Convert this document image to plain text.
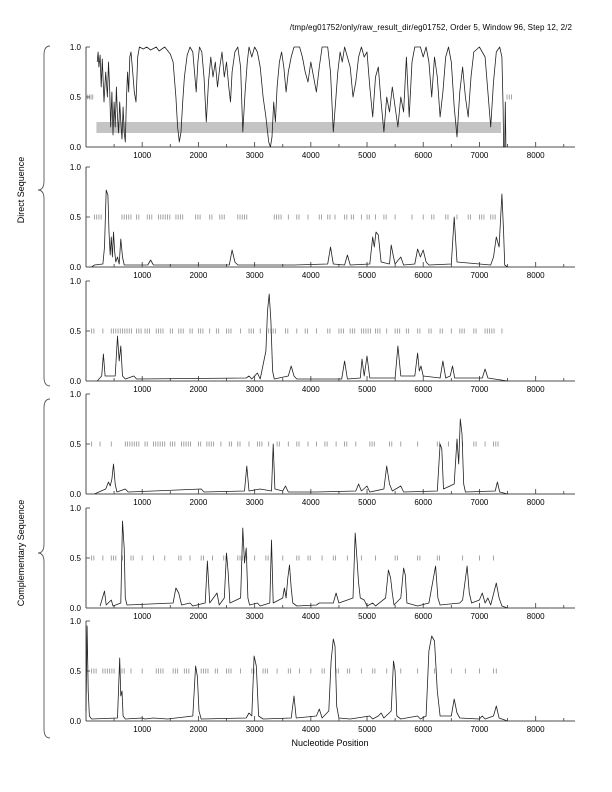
/tmp/eg01752/only/raw_result_dir/eg01752, Order 5, Window 96, Step 12, 2/2
Direct Sequence
Complementary Sequence
Nucleotide Position
1000	2000	3000	4000	5000	6000	7000	8000
0.0
0.5
1.0
1000	2000	3000	4000	5000	6000	7000	8000
0.0
0.5
1.0
1000	2000	3000	4000	5000	6000	7000	8000
0.0
0.5
1.0
1000	2000	3000	4000	5000	6000	7000	8000
0.0
0.5
1.0
1000	2000	3000	4000	5000	6000	7000	8000
0.0
0.5
1.0
1000	2000	3000	4000	5000	6000	7000	8000
0.0
0.5
1.0
